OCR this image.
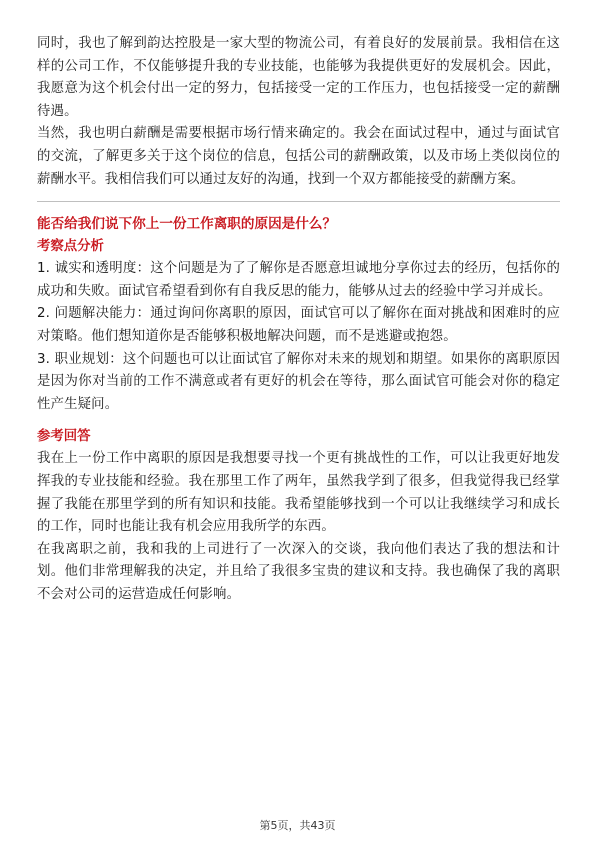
同时，我也了解到韵达控股是一家大型的物流公司，有着良好的发展前景。我相信在这样的公司工作，不仅能够提升我的专业技能，也能够为我提供更好的发展机会。因此，我愿意为这个机会付出一定的努力，包括接受一定的工作压力，也包括接受一定的薪酬待遇。

当然，我也明白薪酬是需要根据市场行情来确定的。我会在面试过程中，通过与面试官的交流，了解更多关于这个岗位的信息，包括公司的薪酬政策，以及市场上类似岗位的薪酬水平。我相信我们可以通过友好的沟通，找到一个双方都能接受的薪酬方案。

能否给我们说下你上一份工作离职的原因是什么？
考察点分析

1. 诚实和透明度：这个问题是为了了解你是否愿意坦诚地分享你过去的经历，包括你的成功和失败。面试官希望看到你有自我反思的能力，能够从过去的经验中学习并成长。

2. 问题解决能力：通过询问你离职的原因，面试官可以了解你在面对挑战和困难时的应对策略。他们想知道你是否能够积极地解决问题，而不是逃避或抱怨。

3. 职业规划：这个问题也可以让面试官了解你对未来的规划和期望。如果你的离职原因是因为你对当前的工作不满意或者有更好的机会在等待，那么面试官可能会对你的稳定性产生疑问。

参考回答

我在上一份工作中离职的原因是我想要寻找一个更有挑战性的工作，可以让我更好地发挥我的专业技能和经验。我在那里工作了两年，虽然我学到了很多，但我觉得我已经掌握了我能在那里学到的所有知识和技能。我希望能够找到一个可以让我继续学习和成长的工作，同时也能让我有机会应用我所学的东西。

在我离职之前，我和我的上司进行了一次深入的交谈，我向他们表达了我的想法和计划。他们非常理解我的决定，并且给了我很多宝贵的建议和支持。我也确保了我的离职不会对公司的运营造成任何影响。

第5页，共43页
